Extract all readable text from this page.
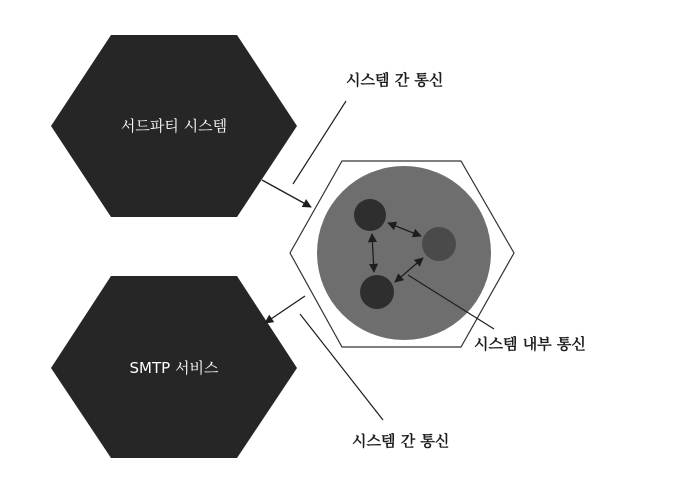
서드파티 시스템
SMTP 서비스
시스템 간 통신
시스템 내부 통신
시스템 간 통신
